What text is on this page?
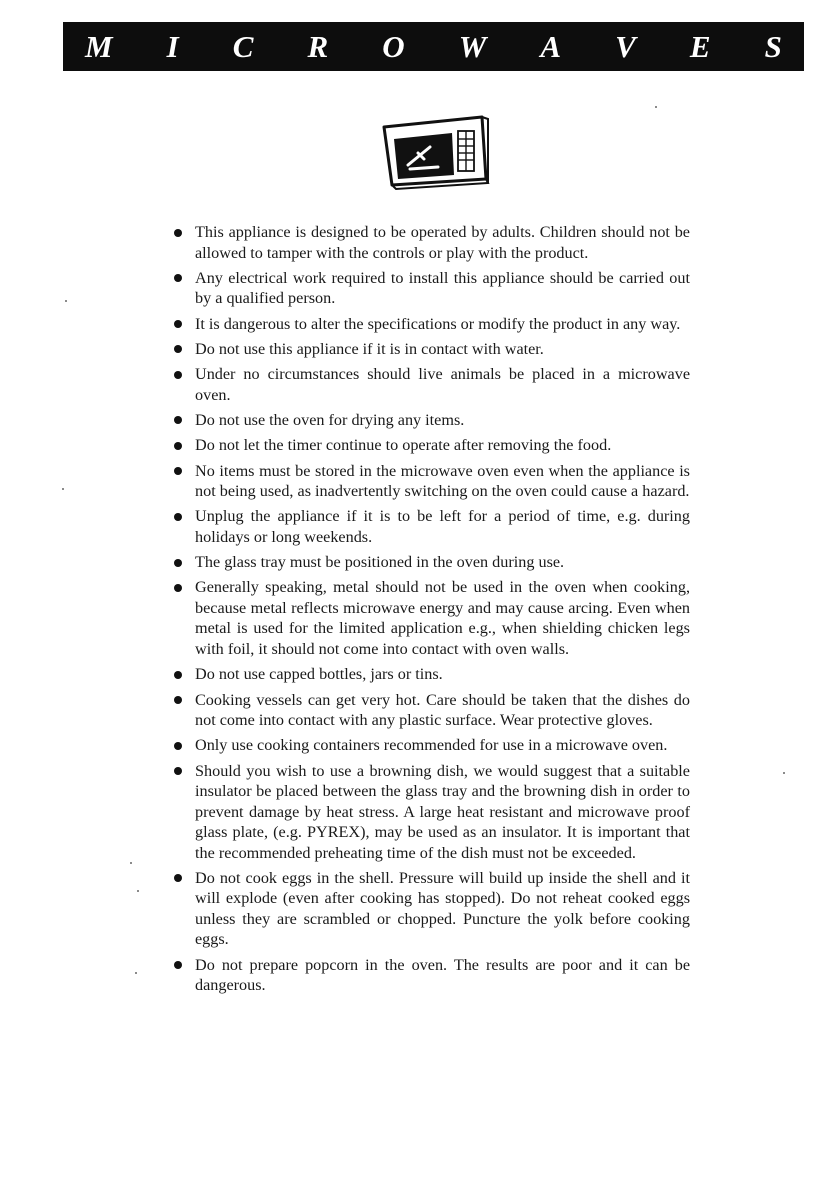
M I C R O W A V E S
This appliance is designed to be operated by adults. Children should not be allowed to tamper with the controls or play with the product.
Any electrical work required to install this appliance should be carried out by a qualified person.
It is dangerous to alter the specifications or modify the product in any way.
Do not use this appliance if it is in contact with water.
Under no circumstances should live animals be placed in a microwave oven.
Do not use the oven for drying any items.
Do not let the timer continue to operate after removing the food.
No items must be stored in the microwave oven even when the appliance is not being used, as inadvertently switching on the oven could cause a hazard.
Unplug the appliance if it is to be left for a period of time, e.g. during holidays or long weekends.
The glass tray must be positioned in the oven during use.
Generally speaking, metal should not be used in the oven when cooking, because metal reflects microwave energy and may cause arcing. Even when metal is used for the limited application e.g., when shielding chicken legs with foil, it should not come into contact with oven walls.
Do not use capped bottles, jars or tins.
Cooking vessels can get very hot. Care should be taken that the dishes do not come into contact with any plastic surface. Wear protective gloves.
Only use cooking containers recommended for use in a microwave oven.
Should you wish to use a browning dish, we would suggest that a suitable insulator be placed between the glass tray and the browning dish in order to prevent damage by heat stress. A large heat resistant and microwave proof glass plate, (e.g. PYREX), may be used as an insulator. It is important that the recommended preheating time of the dish must not be exceeded.
Do not cook eggs in the shell. Pressure will build up inside the shell and it will explode (even after cooking has stopped). Do not reheat cooked eggs unless they are scrambled or chopped. Puncture the yolk before cooking eggs.
Do not prepare popcorn in the oven. The results are poor and it can be dangerous.
